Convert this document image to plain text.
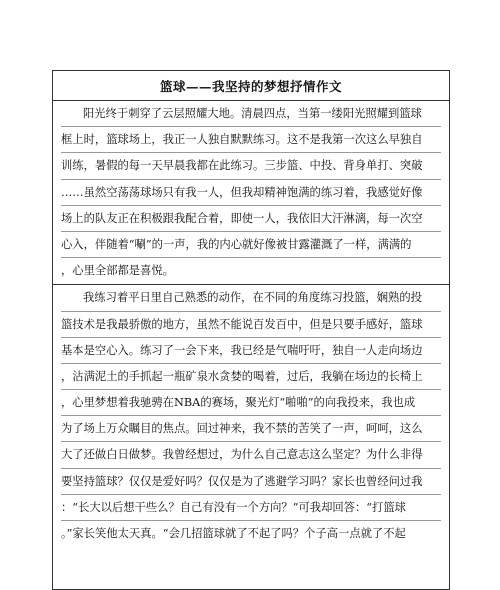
篮球——我坚持的梦想抒情作文
阳光终于刺穿了云层照耀大地。清晨四点，当第一缕阳光照耀到篮球
框上时，篮球场上，我正一人独自默默练习。这不是我第一次这么早独自
训练，暑假的每一天早晨我都在此练习。三步篮、中投、背身单打、突破
……虽然空荡荡球场只有我一人，但我却精神饱满的练习着，我感觉好像
场上的队友正在积极跟我配合着，即使一人，我依旧大汗淋漓，每一次空
心入，伴随着“唰”的一声，我的内心就好像被甘露灌溉了一样，满满的
，心里全部都是喜悦。
我练习着平日里自己熟悉的动作，在不同的角度练习投篮，娴熟的投
篮技术是我最骄傲的地方，虽然不能说百发百中，但是只要手感好，篮球
基本是空心入。练习了一会下来，我已经是气喘吁吁，独自一人走向场边
，沾满泥土的手抓起一瓶矿泉水贪婪的喝着，过后，我躺在场边的长椅上
，心里梦想着我驰骋在NBA的赛场，聚光灯“啪啪”的向我投来，我也成
为了场上万众瞩目的焦点。回过神来，我不禁的苦笑了一声，呵呵，这么
大了还做白日做梦。我曾经想过，为什么自己意志这么坚定？为什么非得
要坚持篮球？仅仅是爱好吗？仅仅是为了逃避学习吗？家长也曾经问过我
：“长大以后想干些么？自己有没有一个方向？”可我却回答：“打篮球
。”家长笑他太天真。“会几招篮球就了不起了吗？个子高一点就了不起
